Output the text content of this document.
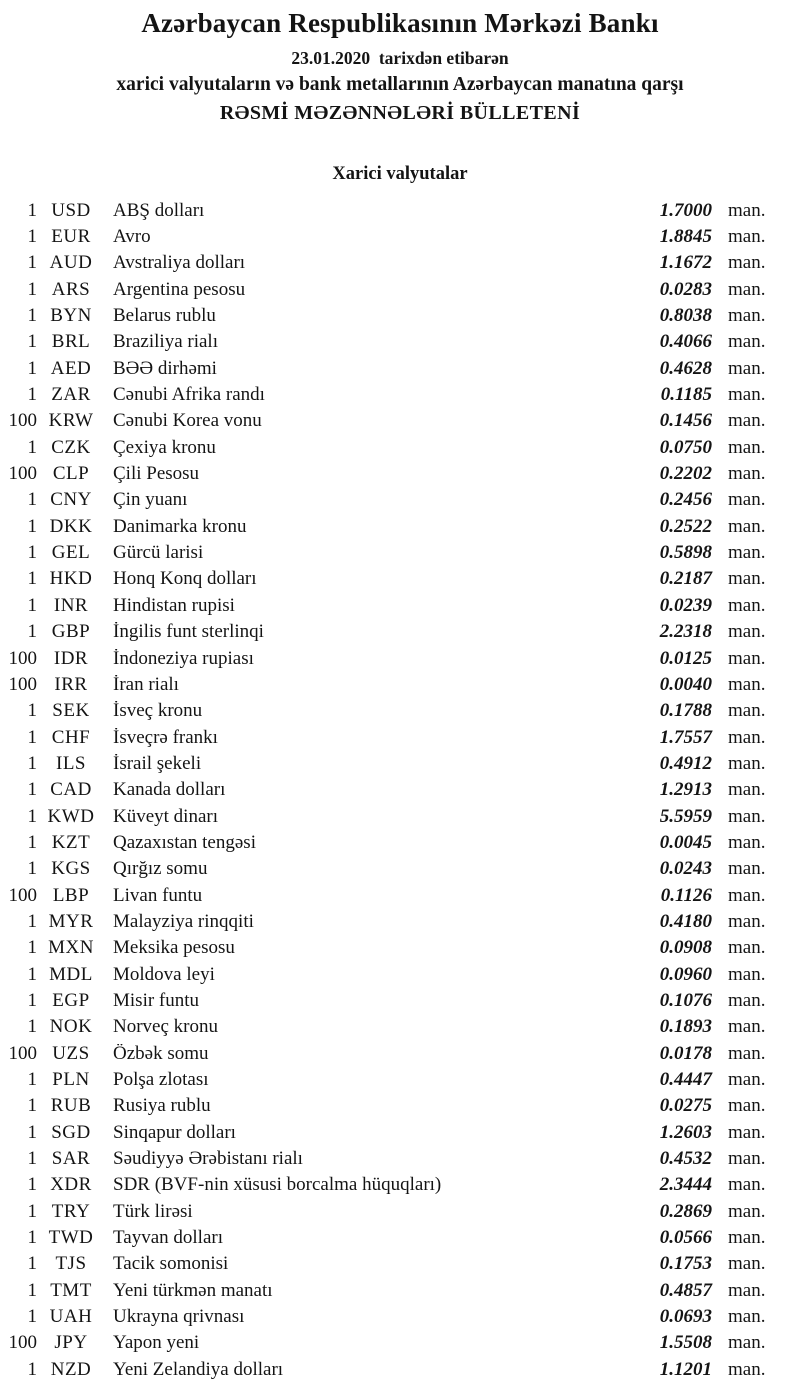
Azərbaycan Respublikasının Mərkəzi Bankı
23.01.2020  tarixdən etibarən
xarici valyutaların və bank metallarının Azərbaycan manatına qarşı
RƏSMİ MƏZƏNNƏLƏRİ BÜLLETENİ
Xarici valyutalar
1 USD	ABŞ dolları	1.7000 man.
1 EUR	Avro	1.8845 man.
1 AUD	Avstraliya dolları	1.1672 man.
1 ARS	Argentina pesosu	0.0283 man.
1 BYN	Belarus rublu	0.8038 man.
1 BRL	Braziliya rialı	0.4066 man.
1 AED	BƏƏ dirhəmi	0.4628 man.
1 ZAR	Cənubi Afrika randı	0.1185 man.
100 KRW	Cənubi Korea vonu	0.1456 man.
1 CZK	Çexiya kronu	0.0750 man.
100 CLP	Çili Pesosu	0.2202 man.
1 CNY	Çin yuanı	0.2456 man.
1 DKK	Danimarka kronu	0.2522 man.
1 GEL	Gürcü larisi	0.5898 man.
1 HKD	Honq Konq dolları	0.2187 man.
1 INR	Hindistan rupisi	0.0239 man.
1 GBP	İngilis funt sterlinqi	2.2318 man.
100 IDR	İndoneziya rupiası	0.0125 man.
100 IRR	İran rialı	0.0040 man.
1 SEK	İsveç kronu	0.1788 man.
1 CHF	İsveçrə frankı	1.7557 man.
1	ILS	İsrail şekeli	0.4912 man.
1 CAD	Kanada dolları	1.2913 man.
1 KWD Küveyt dinarı	5.5959 man.
1 KZT	Qazaxıstan tengəsi	0.0045 man.
1 KGS	Qırğız somu	0.0243 man.
100 LBP	Livan funtu	0.1126 man.
1 MYR	Malayziya rinqqiti	0.4180 man.
1 MXN	Meksika pesosu	0.0908 man.
1 MDL	Moldova leyi	0.0960 man.
1 EGP	Misir funtu	0.1076 man.
1 NOK	Norveç kronu	0.1893 man.
100 UZS	Özbək somu	0.0178 man.
1 PLN	Polşa zlotası	0.4447 man.
1 RUB	Rusiya rublu	0.0275 man.
1 SGD	Sinqapur dolları	1.2603 man.
1 SAR	Səudiyyə Ərəbistanı rialı	0.4532 man.
1 XDR	SDR (BVF-nin xüsusi borcalma hüquqları)	2.3444 man.
1 TRY	Türk lirəsi	0.2869 man.
1 TWD	Tayvan dolları	0.0566 man.
1 TJS	Tacik somonisi	0.1753 man.
1 TMT	Yeni türkmən manatı	0.4857 man.
1 UAH	Ukrayna qrivnası	0.0693 man.
100 JPY	Yapon yeni	1.5508 man.
1 NZD	Yeni Zelandiya dolları	1.1201 man.
